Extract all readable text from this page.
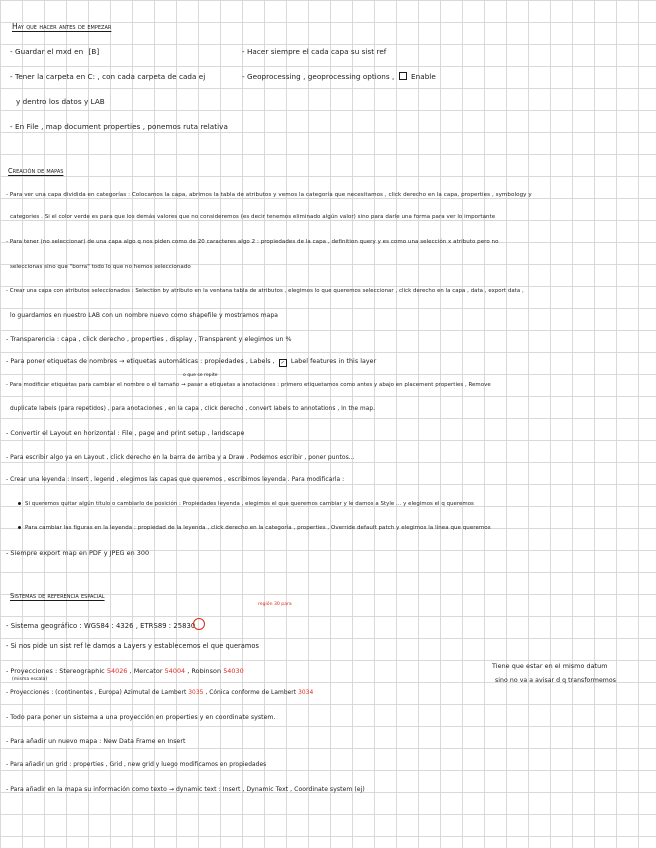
Hay que hacer antes de empezar
- Guardar el mxd en [B]
- Tener la carpeta en C: , con cada carpeta de cada ej
y dentro los datos y LAB
- En File , map document properties , ponemos ruta relativa
- Hacer siempre el cada capa su sist ref
- Geoprocessing , geoprocessing options , Enable
Creación de mapas
- Para ver una capa dividida en categorías : Colocamos la capa, abrimos la tabla de atributos y vemos la categoría que necesitamos , click derecho en la capa, properties , symbology y
categories . Si el color verde es para que los demás valores que no consideremos (es decir tenemos eliminado algún valor) sino para darle una forma para ver lo importante
- Para tener (no seleccionar) de una capa algo q nos piden como de 20 caracteres algo 2 : propiedades de la capa , definition query y es como una selección x atributo pero no
seleccionas sino que "borra" todo lo que no hemos seleccionado
- Crear una capa con atributos seleccionados : Selection by atributo en la ventana tabla de atributos , elegimos lo que queremos seleccionar , click derecho en la capa , data , export data ,
lo guardamos en nuestro LAB con un nombre nuevo como shapefile y mostramos mapa
- Transparencia : capa , click derecho , properties , display , Transparent y elegimos un %
- Para poner etiquetas de nombres → etiquetas automáticas : propiedades , Labels , ✓ Label features in this layer
o que se repite
- Para modificar etiquetas para cambiar el nombre o el tamaño → pasar a etiquetas a anotaciones : primero etiquetamos como antes y abajo en placement properties , Remove
duplicate labels (para repetidos) , para anotaciones , en la capa , click derecho , convert labels to annotations , In the map.
- Convertir el Layout en horizontal : File , page and print setup , landscape
- Para escribir algo ya en Layout , click derecho en la barra de arriba y a Draw . Podemos escribir , poner puntos...
- Crear una leyenda : Insert , legend , elegimos las capas que queremos , escribimos leyenda . Para modificarla :
Si queremos quitar algún título o cambiarlo de posición : Propiedades leyenda , elegimos el que queremos cambiar y le damos a Style ... y elegimos el q queremos
Para cambiar las figuras en la leyenda : propiedad de la leyenda , click derecho en la categoría , properties , Override default patch y elegimos la línea que queremos
- Siempre export map en PDF y JPEG en 300
Sistemas de referencia espacial
región 30 para
- Sistema geográfico : WGS84 : 4326 , ETRS89 : 25830
- Si nos pide un sist ref le damos a Layers y establecemos el que queramos
- Proyecciones : Stereographic 54026 , Mercator 54004 , Robinson 54030
(misma escala)
- Proyecciones : (continentes , Europa) Azimutal de Lambert 3035 , Cónica conforme de Lambert 3034
- Todo para poner un sistema a una proyección en properties y en coordinate system.
- Para añadir un nuevo mapa : New Data Frame en Insert
- Para añadir un grid : properties , Grid , new grid y luego modificamos en propiedades
- Para añadir en la mapa su información como texto → dynamic text : Insert , Dynamic Text , Coordinate system (ej)
Tiene que estar en el mismo datum
sino no va a avisar d q transformemos
